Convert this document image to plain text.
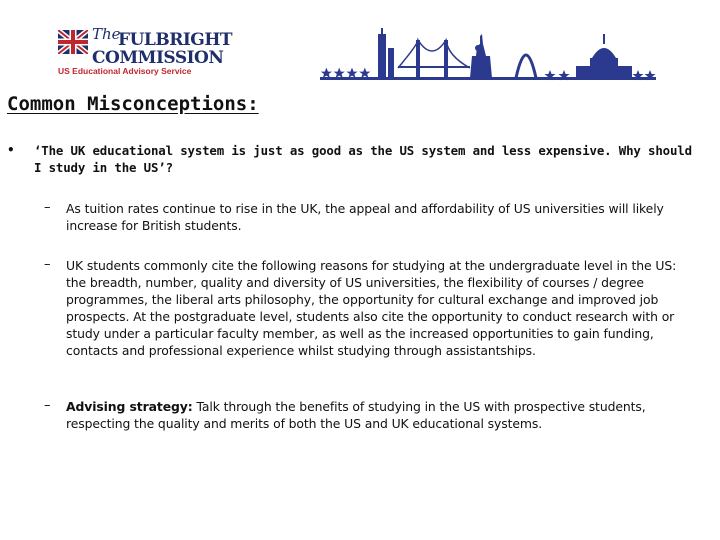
The
FULBRIGHT
COMMISSION
US Educational Advisory Service
Common Misconceptions:
• ‘The UK educational system is just as good as the US system and less expensive. Why should I study in the US’?
– As tuition rates continue to rise in the UK, the appeal and affordability of US universities will likely increase for British students.
– UK students commonly cite the following reasons for studying at the undergraduate level in the US: the breadth, number, quality and diversity of US universities, the flexibility of courses / degree programmes, the liberal arts philosophy, the opportunity for cultural exchange and improved job prospects. At the postgraduate level, students also cite the opportunity to conduct research with or study under a particular faculty member, as well as the increased opportunities to gain funding, contacts and professional experience whilst studying through assistantships.
– Advising strategy: Talk through the benefits of studying in the US with prospective students, respecting the quality and merits of both the US and UK educational systems.
